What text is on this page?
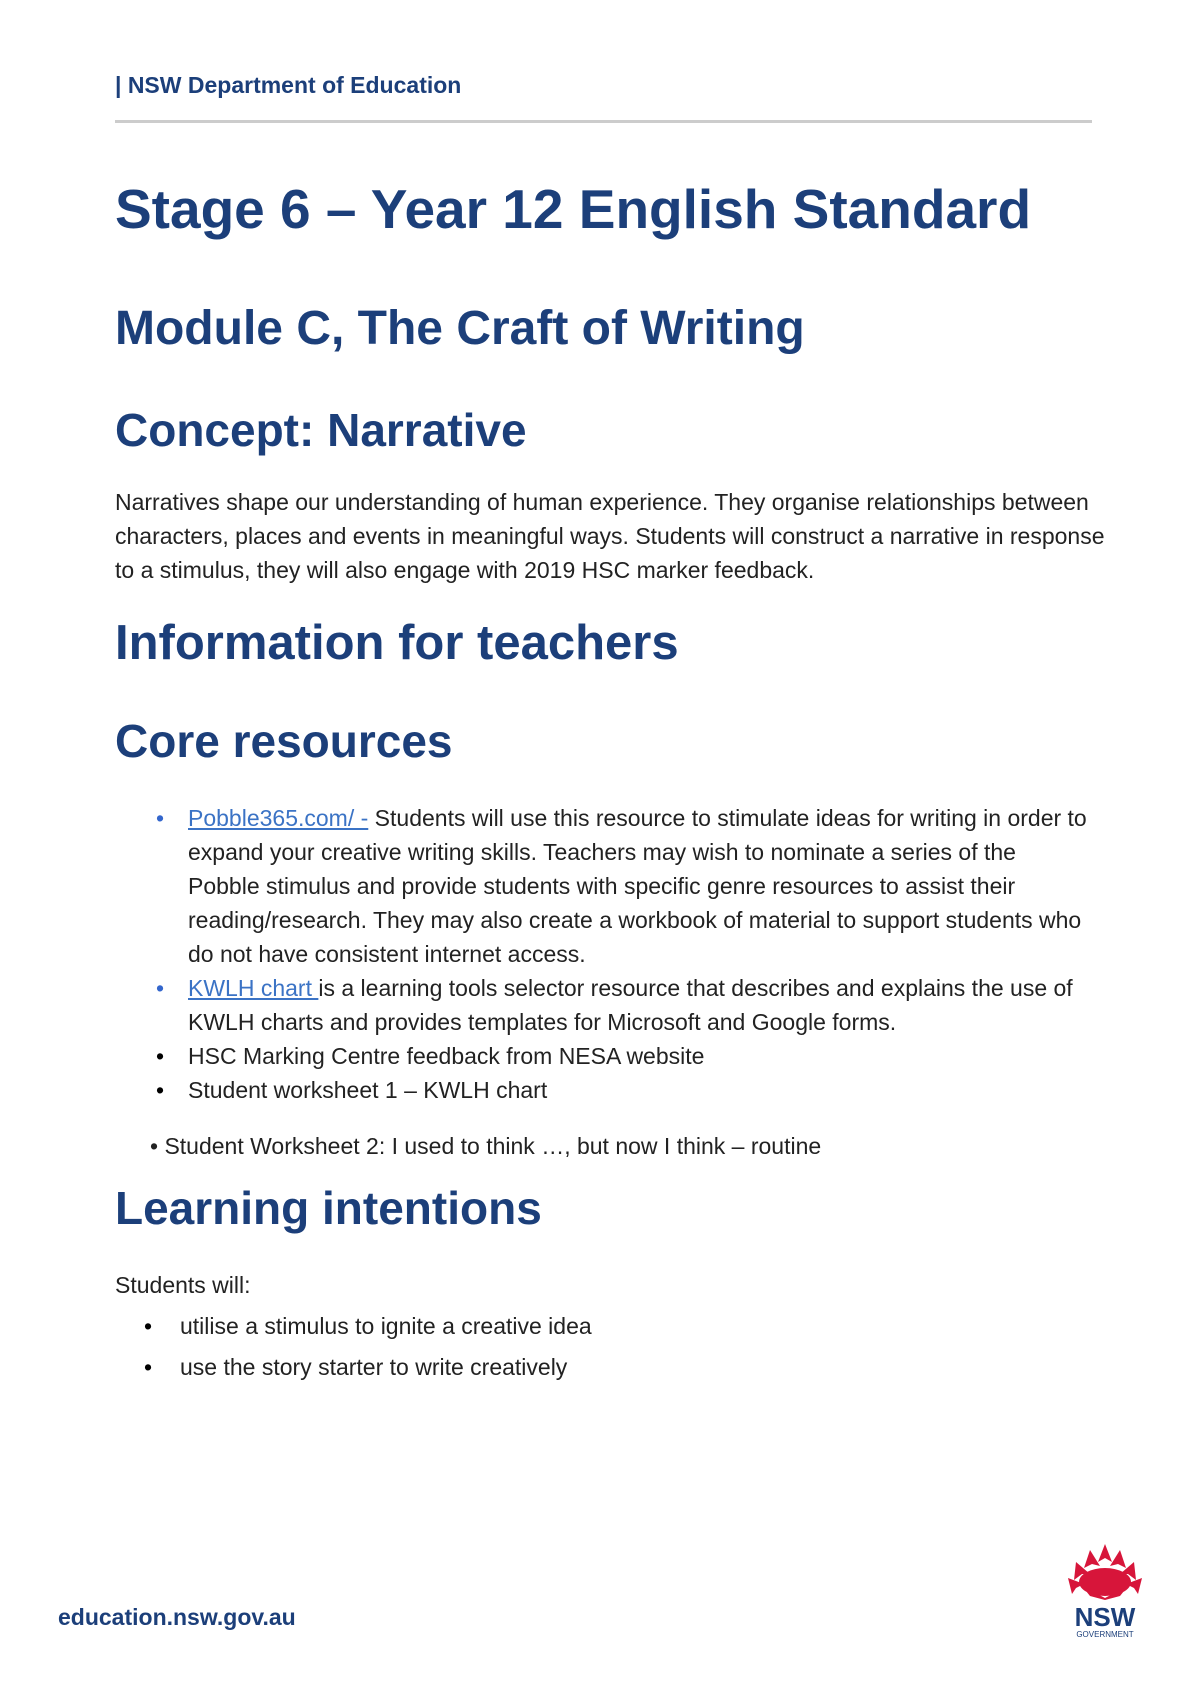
| NSW Department of Education
Stage 6 – Year 12 English Standard
Module C, The Craft of Writing
Concept: Narrative

Narratives shape our understanding of human experience. They organise relationships between characters, places and events in meaningful ways. Students will construct a narrative in response to a stimulus, they will also engage with 2019 HSC marker feedback.

Information for teachers
Core resources
• Pobble365.com/ - Students will use this resource to stimulate ideas for writing in order to expand your creative writing skills. Teachers may wish to nominate a series of the Pobble stimulus and provide students with specific genre resources to assist their reading/research. They may also create a workbook of material to support students who do not have consistent internet access.
• KWLH chart is a learning tools selector resource that describes and explains the use of KWLH charts and provides templates for Microsoft and Google forms.
• HSC Marking Centre feedback from NESA website
• Student worksheet 1 – KWLH chart
• Student Worksheet 2: I used to think …, but now I think – routine
Learning intentions

Students will:

• utilise a stimulus to ignite a creative idea
• use the story starter to write creatively
education.nsw.gov.au	NSW
GOVERNMENT
